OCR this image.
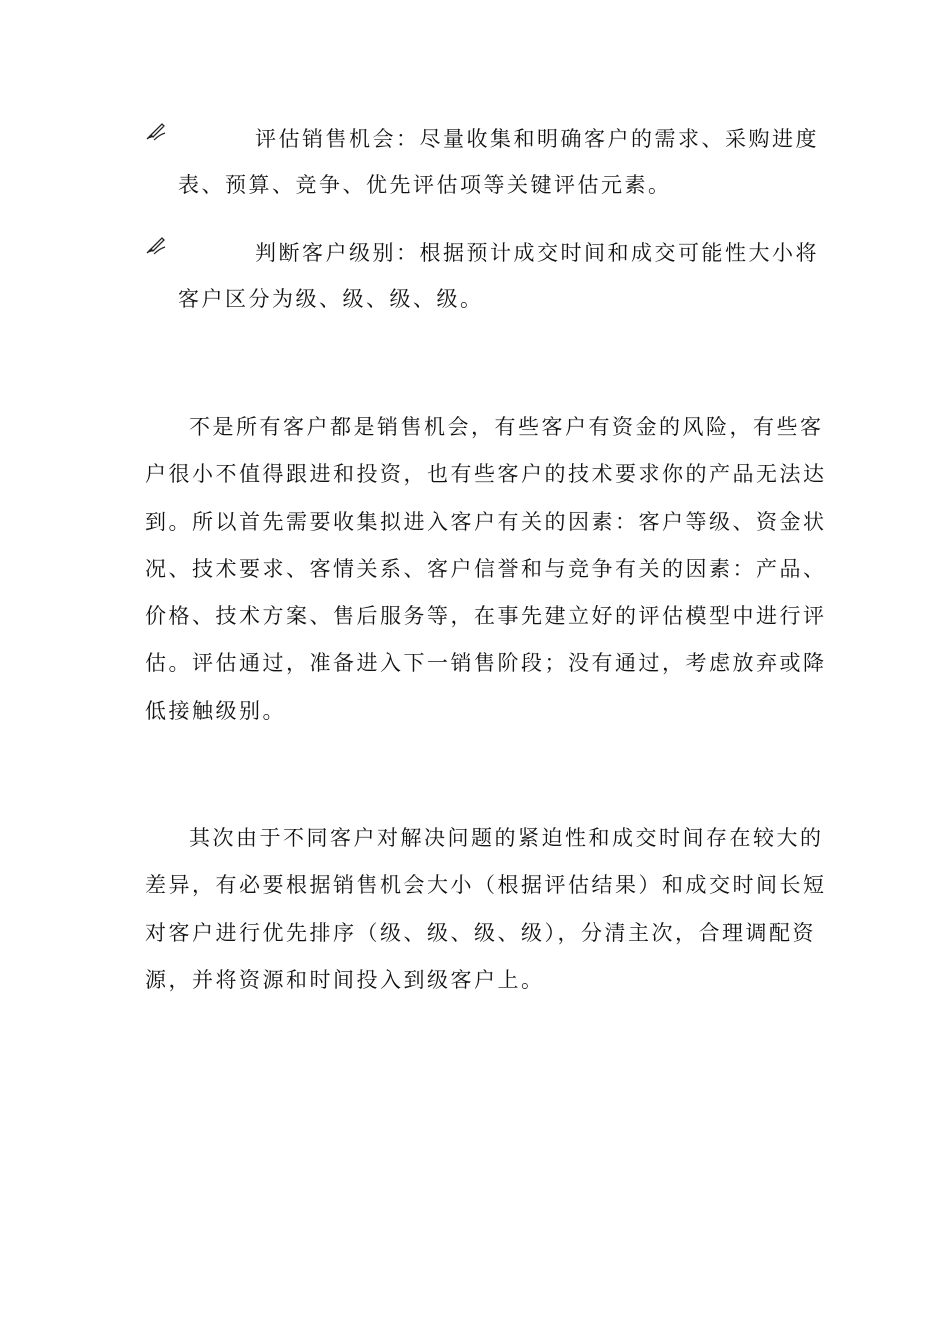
评估销售机会：尽量收集和明确客户的需求、采购进度
表、预算、竞争、优先评估项等关键评估元素。
判断客户级别：根据预计成交时间和成交可能性大小将
客户区分为级、级、级、级。
不是所有客户都是销售机会，有些客户有资金的风险，有些客
户很小不值得跟进和投资，也有些客户的技术要求你的产品无法达
到。所以首先需要收集拟进入客户有关的因素：客户等级、资金状
况、技术要求、客情关系、客户信誉和与竞争有关的因素：产品、
价格、技术方案、售后服务等，在事先建立好的评估模型中进行评
估。评估通过，准备进入下一销售阶段；没有通过，考虑放弃或降
低接触级别。
其次由于不同客户对解决问题的紧迫性和成交时间存在较大的
差异，有必要根据销售机会大小（根据评估结果）和成交时间长短
对客户进行优先排序（级、级、级、级），分清主次，合理调配资
源，并将资源和时间投入到级客户上。
